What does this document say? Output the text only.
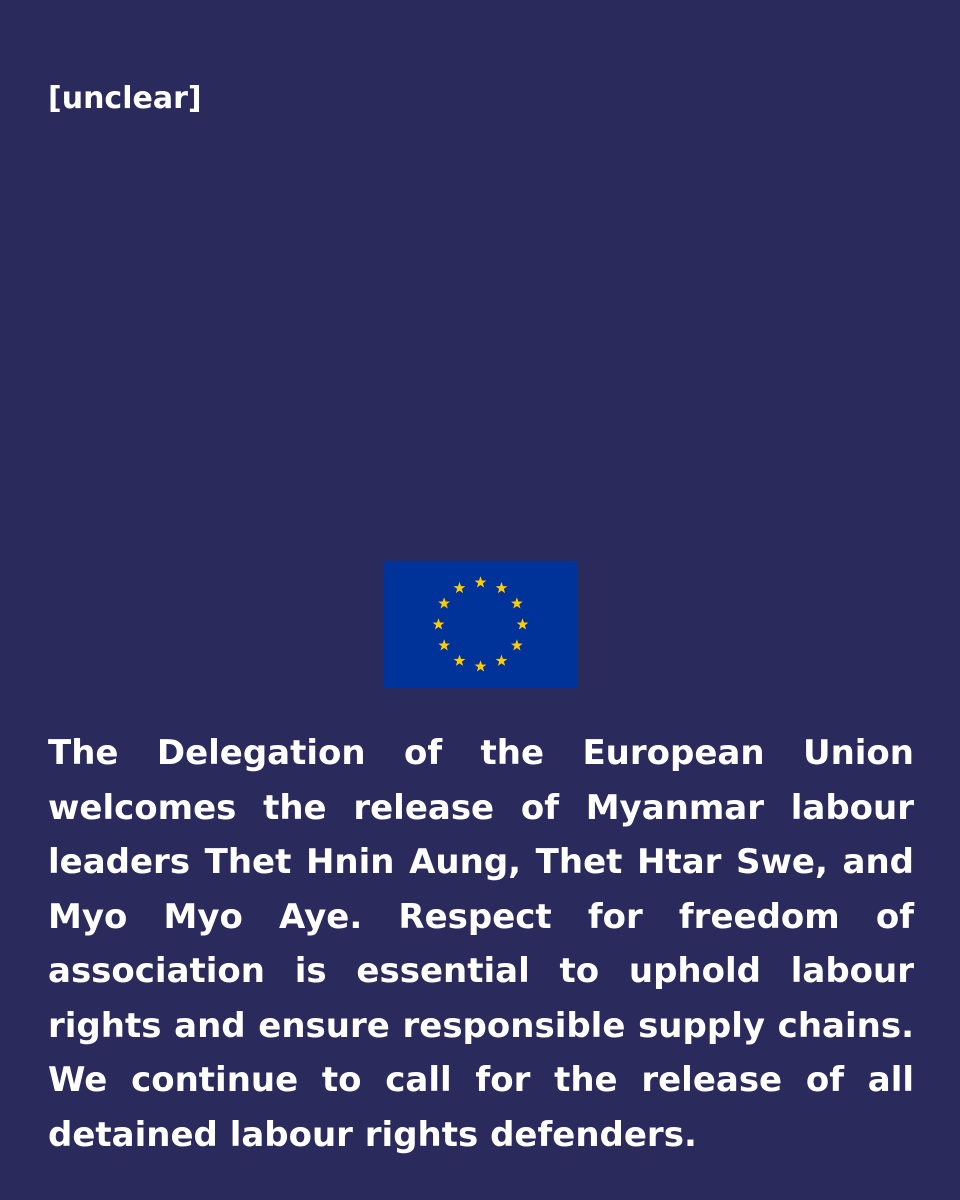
[unclear]

The Delegation of the European Union welcomes the release of Myanmar labour leaders Thet Hnin Aung, Thet Htar Swe, and Myo Myo Aye. Respect for freedom of association is essential to uphold labour rights and ensure responsible supply chains. We continue to call for the release of all detained labour rights defenders.
